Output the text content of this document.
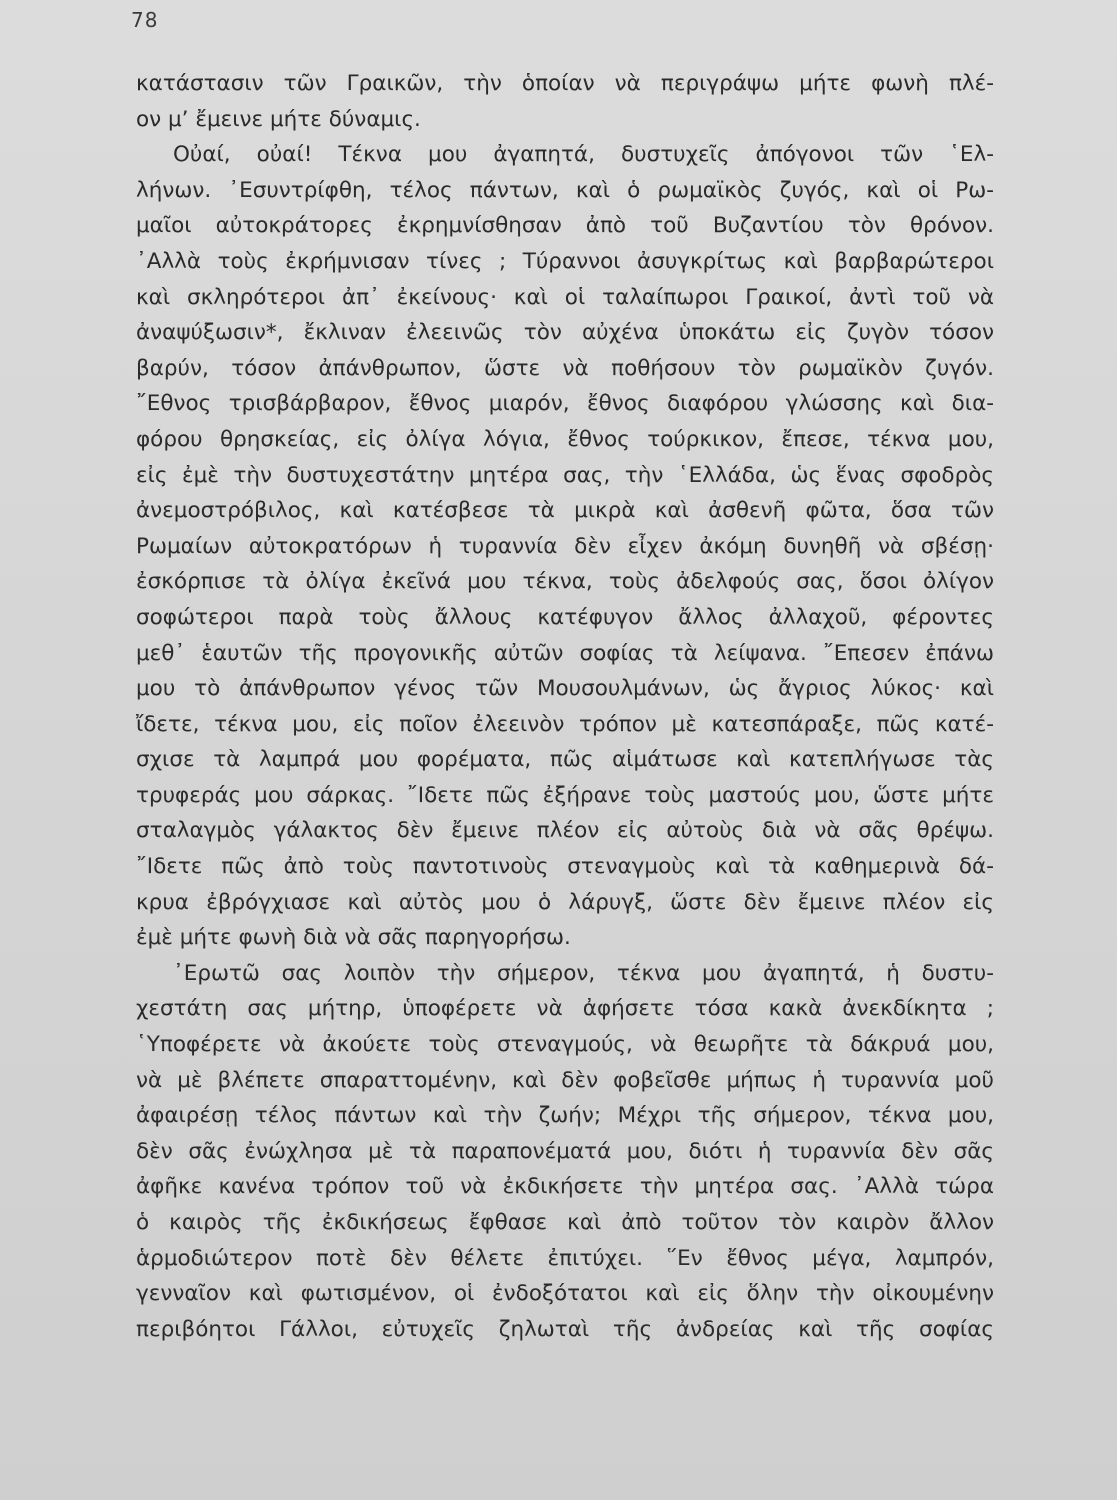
78
κατάστασιν τῶν Γραικῶν, τὴν ὁποίαν νὰ περιγράψω μήτε φωνὴ πλέ-
ον μ’ ἔμεινε μήτε δύναμις.
Οὐαί, οὐαί! Τέκνα μου ἀγαπητά, δυστυχεῖς ἀπόγονοι τῶν ῾Ελ-
λήνων. ᾿Εσυντρίφθη, τέλος πάντων, καὶ ὁ ρωμαϊκὸς ζυγός, καὶ οἱ Ρω-
μαῖοι αὐτοκράτορες ἐκρημνίσθησαν ἀπὸ τοῦ Βυζαντίου τὸν θρόνον.
᾿Αλλὰ τοὺς ἐκρήμνισαν τίνες ; Τύραννοι ἀσυγκρίτως καὶ βαρβαρώτεροι
καὶ σκληρότεροι ἀπ᾿ ἐκείνους· καὶ οἱ ταλαίπωροι Γραικοί, ἀντὶ τοῦ νὰ
ἀναψύξωσιν*, ἔκλιναν ἐλεεινῶς τὸν αὐχένα ὑποκάτω εἰς ζυγὸν τόσον
βαρύν, τόσον ἀπάνθρωπον, ὥστε νὰ ποθήσουν τὸν ρωμαϊκὸν ζυγόν.
῎Εθνος τρισβάρβαρον, ἔθνος μιαρόν, ἔθνος διαφόρου γλώσσης καὶ δια-
φόρου θρησκείας, εἰς ὀλίγα λόγια, ἔθνος τούρκικον, ἔπεσε, τέκνα μου,
εἰς ἐμὲ τὴν δυστυχεστάτην μητέρα σας, τὴν ῾Ελλάδα, ὡς ἕνας σφοδρὸς
ἀνεμοστρόβιλος, καὶ κατέσβεσε τὰ μικρὰ καὶ ἀσθενῆ φῶτα, ὅσα τῶν
Ρωμαίων αὐτοκρατόρων ἡ τυραννία δὲν εἶχεν ἀκόμη δυνηθῆ νὰ σβέσῃ·
ἐσκόρπισε τὰ ὀλίγα ἐκεῖνά μου τέκνα, τοὺς ἀδελφούς σας, ὅσοι ὀλίγον
σοφώτεροι παρὰ τοὺς ἄλλους κατέφυγον ἄλλος ἀλλαχοῦ, φέροντες
μεθ᾿ ἑαυτῶν τῆς προγονικῆς αὐτῶν σοφίας τὰ λείψανα. ῎Επεσεν ἐπάνω
μου τὸ ἀπάνθρωπον γένος τῶν Μουσουλμάνων, ὡς ἄγριος λύκος· καὶ
ἴδετε, τέκνα μου, εἰς ποῖον ἐλεεινὸν τρόπον μὲ κατεσπάραξε, πῶς κατέ-
σχισε τὰ λαμπρά μου φορέματα, πῶς αἱμάτωσε καὶ κατεπλήγωσε τὰς
τρυφεράς μου σάρκας. ῎Ιδετε πῶς ἐξήρανε τοὺς μαστούς μου, ὥστε μήτε
σταλαγμὸς γάλακτος δὲν ἔμεινε πλέον εἰς αὐτοὺς διὰ νὰ σᾶς θρέψω.
῎Ιδετε πῶς ἀπὸ τοὺς παντοτινοὺς στεναγμοὺς καὶ τὰ καθημερινὰ δά-
κρυα ἐβρόγχιασε καὶ αὐτὸς μου ὁ λάρυγξ, ὥστε δὲν ἔμεινε πλέον εἰς
ἐμὲ μήτε φωνὴ διὰ νὰ σᾶς παρηγορήσω.
᾿Ερωτῶ σας λοιπὸν τὴν σήμερον, τέκνα μου ἀγαπητά, ἡ δυστυ-
χεστάτη σας μήτηρ, ὑποφέρετε νὰ ἀφήσετε τόσα κακὰ ἀνεκδίκητα ;
῾Υποφέρετε νὰ ἀκούετε τοὺς στεναγμούς, νὰ θεωρῆτε τὰ δάκρυά μου,
νὰ μὲ βλέπετε σπαραττομένην, καὶ δὲν φοβεῖσθε μήπως ἡ τυραννία μοῦ
ἀφαιρέσῃ τέλος πάντων καὶ τὴν ζωήν; Μέχρι τῆς σήμερον, τέκνα μου,
δὲν σᾶς ἐνώχλησα μὲ τὰ παραπονέματά μου, διότι ἡ τυραννία δὲν σᾶς
ἀφῆκε κανένα τρόπον τοῦ νὰ ἐκδικήσετε τὴν μητέρα σας. ᾿Αλλὰ τώρα
ὁ καιρὸς τῆς ἐκδικήσεως ἔφθασε καὶ ἀπὸ τοῦτον τὸν καιρὸν ἄλλον
ἁρμοδιώτερον ποτὲ δὲν θέλετε ἐπιτύχει. ῞Εν ἔθνος μέγα, λαμπρόν,
γενναῖον καὶ φωτισμένον, οἱ ἐνδοξότατοι καὶ εἰς ὅλην τὴν οἰκουμένην
περιβόητοι Γάλλοι, εὐτυχεῖς ζηλωταὶ τῆς ἀνδρείας καὶ τῆς σοφίας
